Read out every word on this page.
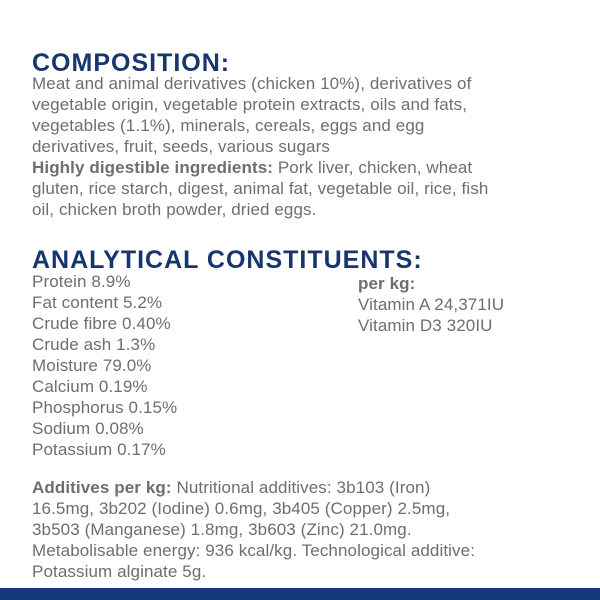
COMPOSITION:
Meat and animal derivatives (chicken 10%), derivatives of
vegetable origin, vegetable protein extracts, oils and fats,
vegetables (1.1%), minerals, cereals, eggs and egg
derivatives, fruit, seeds, various sugars
Highly digestible ingredients: Pork liver, chicken, wheat
gluten, rice starch, digest, animal fat, vegetable oil, rice, fish
oil, chicken broth powder, dried eggs.
ANALYTICAL CONSTITUENTS:
Protein 8.9%
Fat content 5.2%
Crude fibre 0.40%
Crude ash 1.3%
Moisture 79.0%
Calcium 0.19%
Phosphorus 0.15%
Sodium 0.08%
Potassium 0.17%
per kg:
Vitamin A 24,371IU
Vitamin D3 320IU
Additives per kg: Nutritional additives: 3b103 (Iron)
16.5mg, 3b202 (Iodine) 0.6mg, 3b405 (Copper) 2.5mg,
3b503 (Manganese) 1.8mg, 3b603 (Zinc) 21.0mg.
Metabolisable energy: 936 kcal/kg. Technological additive:
Potassium alginate 5g.
